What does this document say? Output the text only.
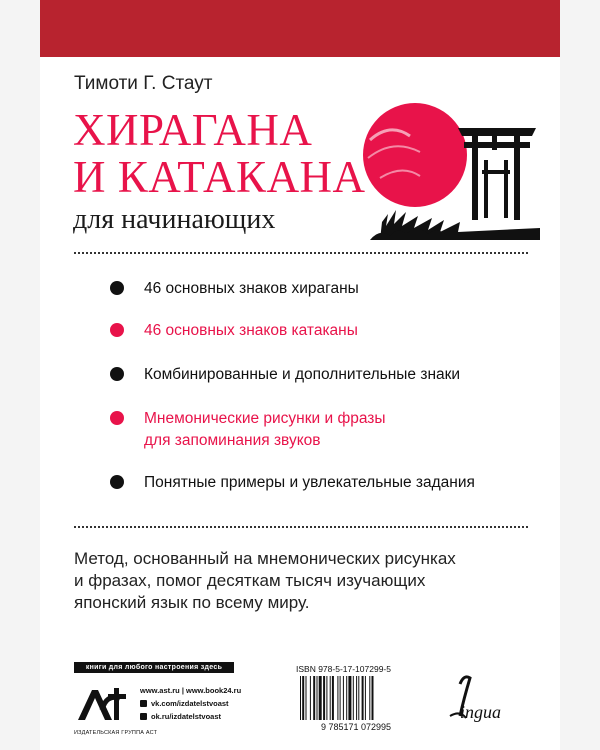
Тимоти Г. Стаут
ХИРАГАНА
И КАТАКАНА
для начинающих
46 основных знаков хираганы
46 основных знаков катаканы
Комбинированные и дополнительные знаки
Мнемонические рисунки и фразы
для запоминания звуков
Понятные примеры и увлекательные задания
Метод, основанный на мнемонических рисунках
и фразах, помог десяткам тысяч изучающих
японский язык по всему миру.
книги для любого настроения здесь
ИЗДАТЕЛЬСКАЯ ГРУППА АСТ
www.ast.ru | www.book24.ru
vk.com/izdatelstvoast
ok.ru/izdatelstvoast
ISBN 978-5-17-107299-5
9 785171 072995
ingua
